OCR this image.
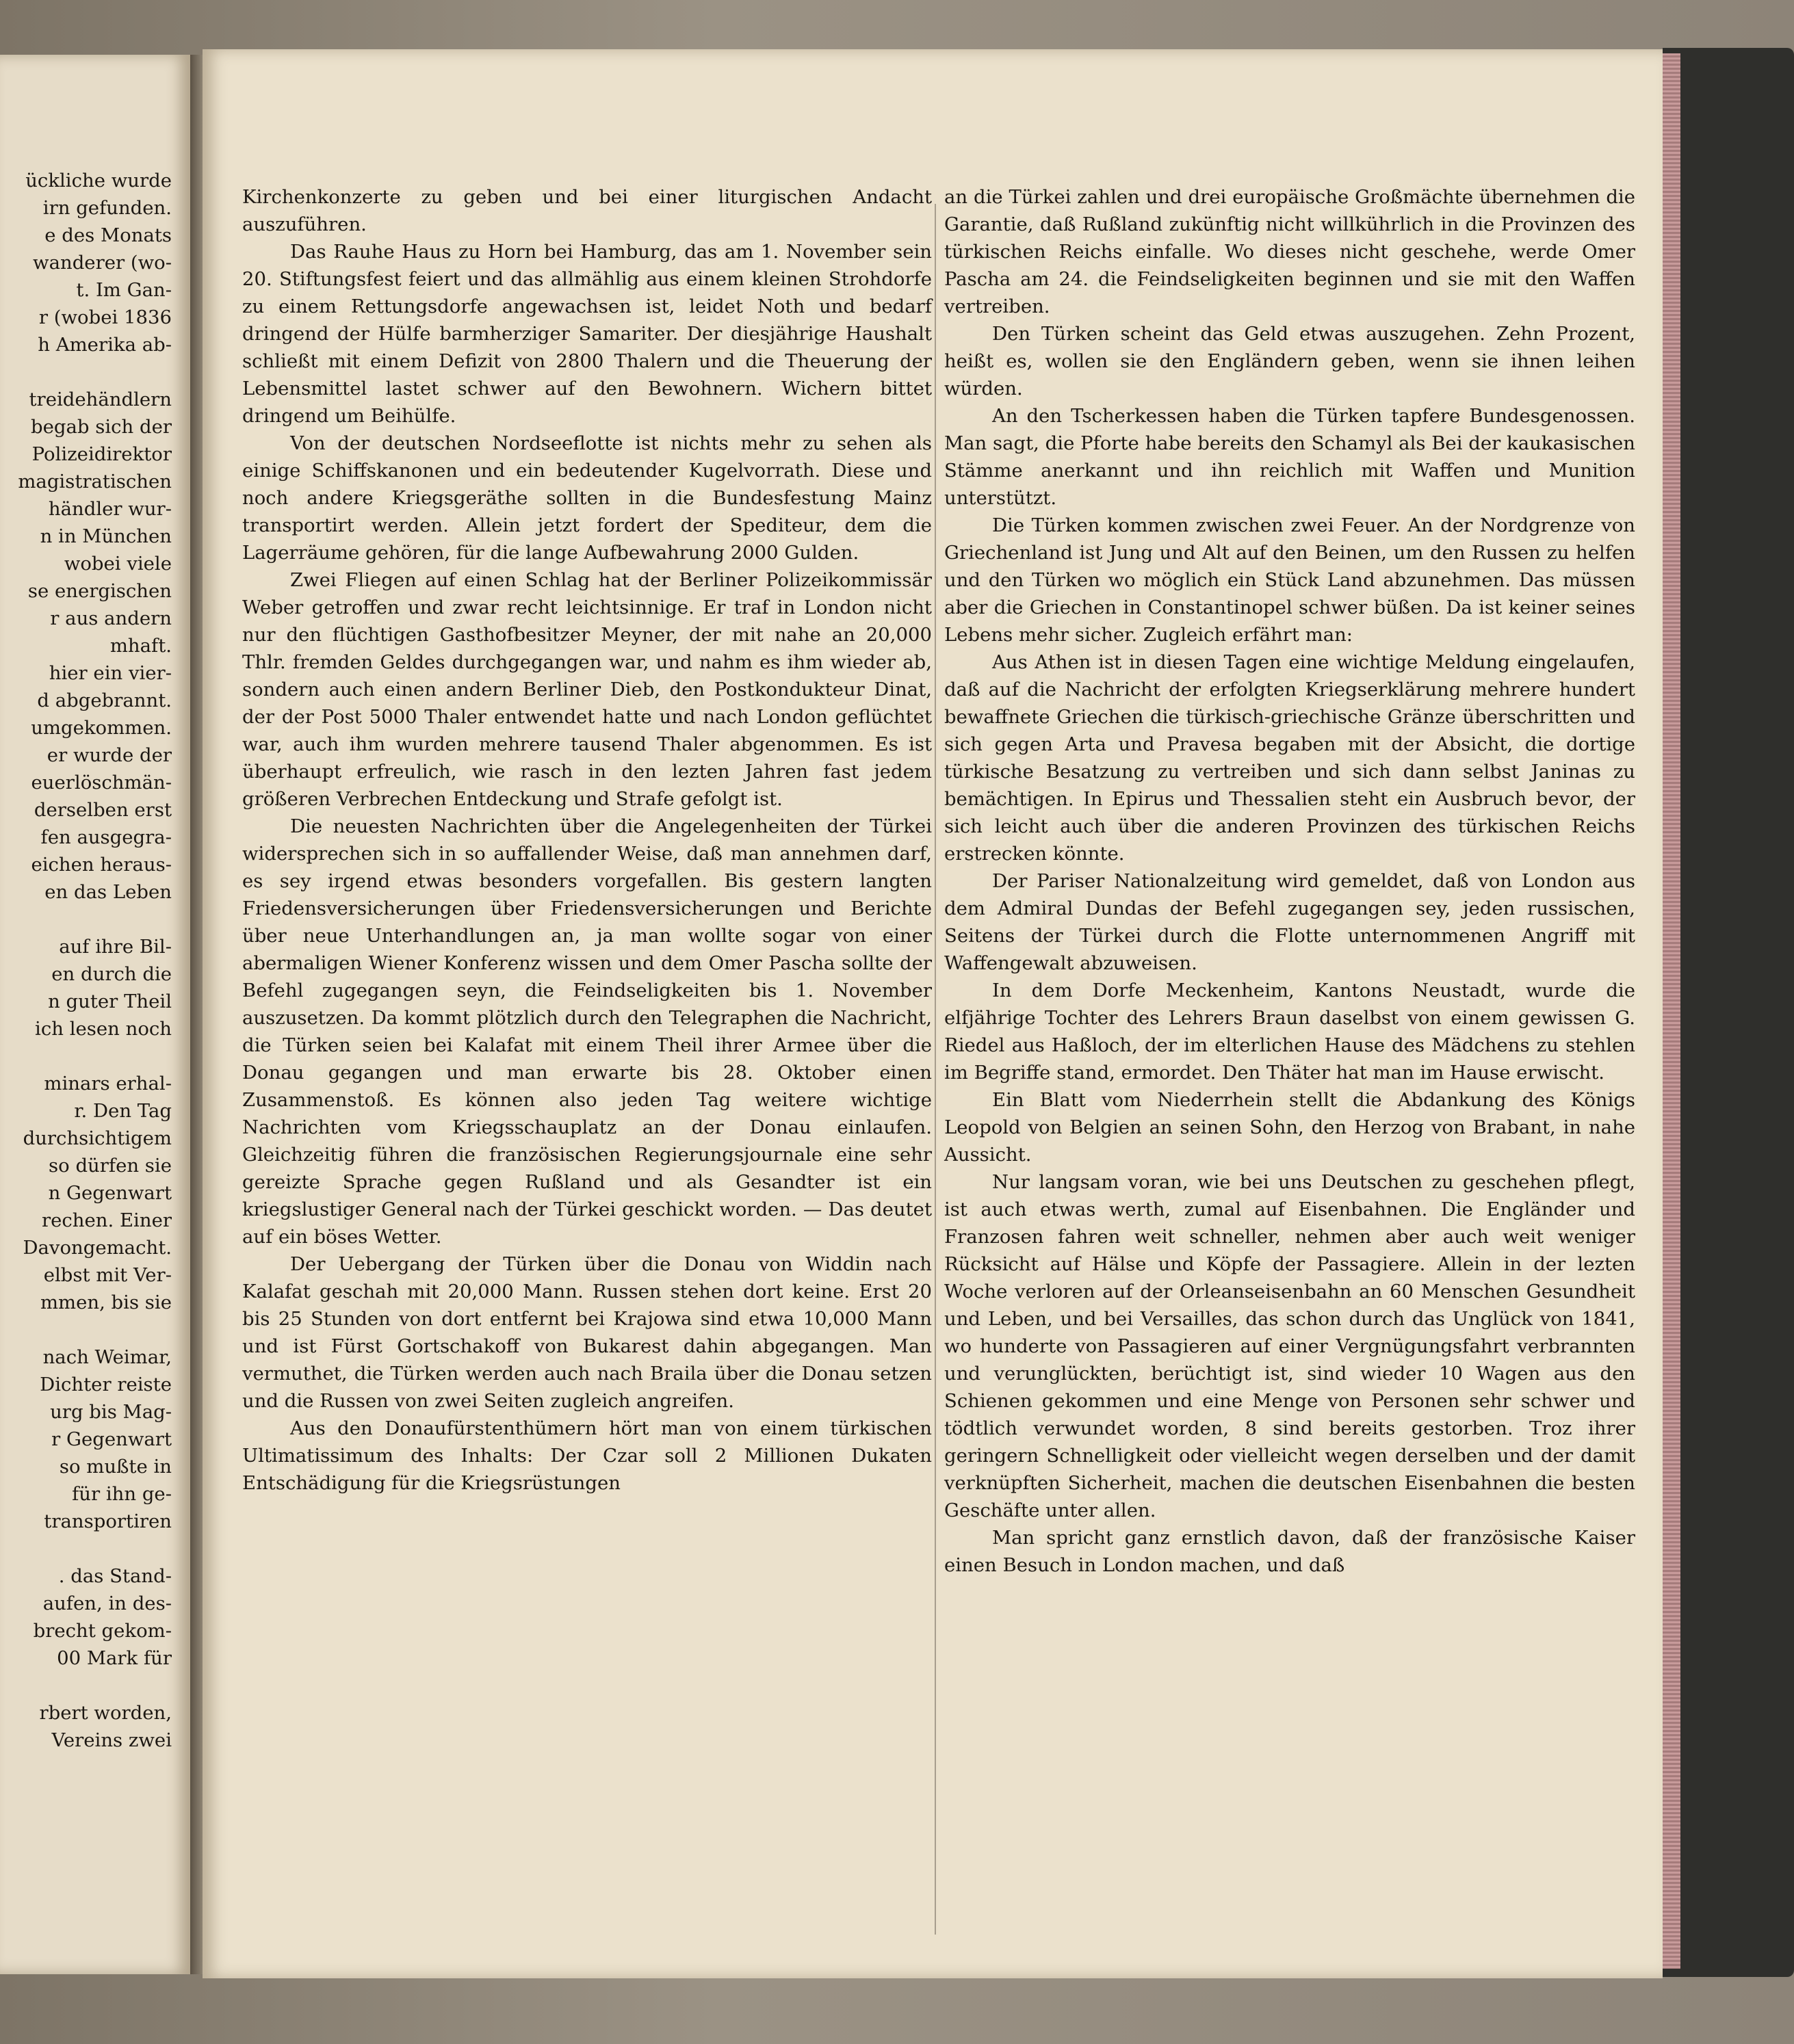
ückliche wurde
irn gefunden.
e des Monats
wanderer (wo-
t. Im Gan-
r (wobei 1836
h Amerika ab-
treidehändlern
begab sich der
Polizeidirektor
magistratischen
händler wur-
n in München
wobei viele
se energischen
r aus andern
mhaft.
hier ein vier-
d abgebrannt.
umgekommen.
er wurde der
euerlöschmän-
derselben erst
fen ausgegra-
eichen heraus-
en das Leben
auf ihre Bil-
en durch die
n guter Theil
ich lesen noch
minars erhal-
r. Den Tag
durchsichtigem
so dürfen sie
n Gegenwart
rechen. Einer
Davongemacht.
elbst mit Ver-
mmen, bis sie
nach Weimar,
Dichter reiste
urg bis Mag-
r Gegenwart
so mußte in
für ihn ge-
transportiren
. das Stand-
aufen, in des-
brecht gekom-
00 Mark für
rbert worden,
Vereins zwei

Kirchenkonzerte zu geben und bei einer liturgischen Andacht auszuführen.

Das Rauhe Haus zu Horn bei Hamburg, das am 1. November sein 20. Stiftungsfest feiert und das allmählig aus einem kleinen Strohdorfe zu einem Rettungsdorfe angewachsen ist, leidet Noth und bedarf dringend der Hülfe barmherziger Samariter. Der diesjährige Haushalt schließt mit einem Defizit von 2800 Thalern und die Theuerung der Lebensmittel lastet schwer auf den Bewohnern. Wichern bittet dringend um Beihülfe.

Von der deutschen Nordseeflotte ist nichts mehr zu sehen als einige Schiffskanonen und ein bedeutender Kugelvorrath. Diese und noch andere Kriegsgeräthe sollten in die Bundesfestung Mainz transportirt werden. Allein jetzt fordert der Spediteur, dem die Lagerräume gehören, für die lange Aufbewahrung 2000 Gulden.

Zwei Fliegen auf einen Schlag hat der Berliner Polizeikommissär Weber getroffen und zwar recht leichtsinnige. Er traf in London nicht nur den flüchtigen Gasthofbesitzer Meyner, der mit nahe an 20,000 Thlr. fremden Geldes durchgegangen war, und nahm es ihm wieder ab, sondern auch einen andern Berliner Dieb, den Postkondukteur Dinat, der der Post 5000 Thaler entwendet hatte und nach London geflüchtet war, auch ihm wurden mehrere tausend Thaler abgenommen. Es ist überhaupt erfreulich, wie rasch in den lezten Jahren fast jedem größeren Verbrechen Entdeckung und Strafe gefolgt ist.

Die neuesten Nachrichten über die Angelegenheiten der Türkei widersprechen sich in so auffallender Weise, daß man annehmen darf, es sey irgend etwas besonders vorgefallen. Bis gestern langten Friedensversicherungen über Friedensversicherungen und Berichte über neue Unterhandlungen an, ja man wollte sogar von einer abermaligen Wiener Konferenz wissen und dem Omer Pascha sollte der Befehl zugegangen seyn, die Feindseligkeiten bis 1. November auszusetzen. Da kommt plötzlich durch den Telegraphen die Nachricht, die Türken seien bei Kalafat mit einem Theil ihrer Armee über die Donau gegangen und man erwarte bis 28. Oktober einen Zusammenstoß. Es können also jeden Tag weitere wichtige Nachrichten vom Kriegsschauplatz an der Donau einlaufen. Gleichzeitig führen die französischen Regierungsjournale eine sehr gereizte Sprache gegen Rußland und als Gesandter ist ein kriegslustiger General nach der Türkei geschickt worden. — Das deutet auf ein böses Wetter.

Der Uebergang der Türken über die Donau von Widdin nach Kalafat geschah mit 20,000 Mann. Russen stehen dort keine. Erst 20 bis 25 Stunden von dort entfernt bei Krajowa sind etwa 10,000 Mann und ist Fürst Gortschakoff von Bukarest dahin abgegangen. Man vermuthet, die Türken werden auch nach Braila über die Donau setzen und die Russen von zwei Seiten zugleich angreifen.

Aus den Donaufürstenthümern hört man von einem türkischen Ultimatissimum des Inhalts: Der Czar soll 2 Millionen Dukaten Entschädigung für die Kriegsrüstungen

an die Türkei zahlen und drei europäische Großmächte übernehmen die Garantie, daß Rußland zukünftig nicht willkührlich in die Provinzen des türkischen Reichs einfalle. Wo dieses nicht geschehe, werde Omer Pascha am 24. die Feindseligkeiten beginnen und sie mit den Waffen vertreiben.

Den Türken scheint das Geld etwas auszugehen. Zehn Prozent, heißt es, wollen sie den Engländern geben, wenn sie ihnen leihen würden.

An den Tscherkessen haben die Türken tapfere Bundesgenossen. Man sagt, die Pforte habe bereits den Schamyl als Bei der kaukasischen Stämme anerkannt und ihn reichlich mit Waffen und Munition unterstützt.

Die Türken kommen zwischen zwei Feuer. An der Nordgrenze von Griechenland ist Jung und Alt auf den Beinen, um den Russen zu helfen und den Türken wo möglich ein Stück Land abzunehmen. Das müssen aber die Griechen in Constantinopel schwer büßen. Da ist keiner seines Lebens mehr sicher. Zugleich erfährt man:

Aus Athen ist in diesen Tagen eine wichtige Meldung eingelaufen, daß auf die Nachricht der erfolgten Kriegserklärung mehrere hundert bewaffnete Griechen die türkisch-griechische Gränze überschritten und sich gegen Arta und Pravesa begaben mit der Absicht, die dortige türkische Besatzung zu vertreiben und sich dann selbst Janinas zu bemächtigen. In Epirus und Thessalien steht ein Ausbruch bevor, der sich leicht auch über die anderen Provinzen des türkischen Reichs erstrecken könnte.

Der Pariser Nationalzeitung wird gemeldet, daß von London aus dem Admiral Dundas der Befehl zugegangen sey, jeden russischen, Seitens der Türkei durch die Flotte unternommenen Angriff mit Waffengewalt abzuweisen.

In dem Dorfe Meckenheim, Kantons Neustadt, wurde die elfjährige Tochter des Lehrers Braun daselbst von einem gewissen G. Riedel aus Haßloch, der im elterlichen Hause des Mädchens zu stehlen im Begriffe stand, ermordet. Den Thäter hat man im Hause erwischt.

Ein Blatt vom Niederrhein stellt die Abdankung des Königs Leopold von Belgien an seinen Sohn, den Herzog von Brabant, in nahe Aussicht.

Nur langsam voran, wie bei uns Deutschen zu geschehen pflegt, ist auch etwas werth, zumal auf Eisenbahnen. Die Engländer und Franzosen fahren weit schneller, nehmen aber auch weit weniger Rücksicht auf Hälse und Köpfe der Passagiere. Allein in der lezten Woche verloren auf der Orleanseisenbahn an 60 Menschen Gesundheit und Leben, und bei Versailles, das schon durch das Unglück von 1841, wo hunderte von Passagieren auf einer Vergnügungsfahrt verbrannten und verunglückten, berüchtigt ist, sind wieder 10 Wagen aus den Schienen gekommen und eine Menge von Personen sehr schwer und tödtlich verwundet worden, 8 sind bereits gestorben. Troz ihrer geringern Schnelligkeit oder vielleicht wegen derselben und der damit verknüpften Sicherheit, machen die deutschen Eisenbahnen die besten Geschäfte unter allen.

Man spricht ganz ernstlich davon, daß der französische Kaiser einen Besuch in London machen, und daß
